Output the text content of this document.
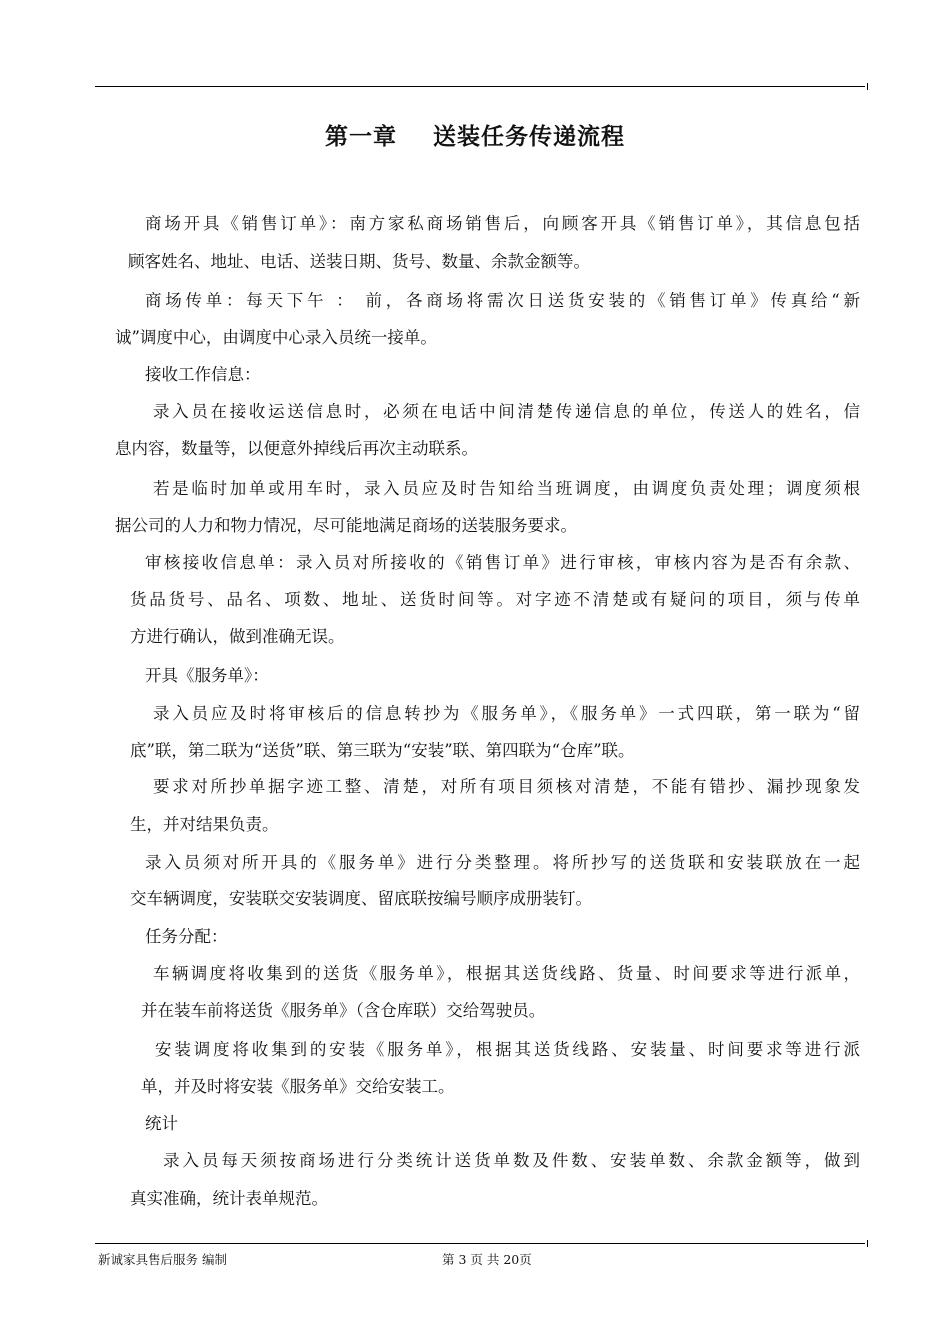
第一章    送装任务传递流程
商场开具《销售订单》：南方家私商场销售后，向顾客开具《销售订单》，其信息包括
顾客姓名、地址、电话、送装日期、货号、数量、余款金额等。
商场传单：每天下午 ： 前，各商场将需次日送货安装的《销售订单》传真给“新
诚”调度中心，由调度中心录入员统一接单。
接收工作信息：
录入员在接收运送信息时，必须在电话中间清楚传递信息的单位，传送人的姓名，信
息内容，数量等，以便意外掉线后再次主动联系。
若是临时加单或用车时，录入员应及时告知给当班调度，由调度负责处理；调度须根
据公司的人力和物力情况，尽可能地满足商场的送装服务要求。
审核接收信息单：录入员对所接收的《销售订单》进行审核，审核内容为是否有余款、
货品货号、品名、项数、地址、送货时间等。对字迹不清楚或有疑问的项目，须与传单
方进行确认，做到准确无误。
开具《服务单》：
录入员应及时将审核后的信息转抄为《服务单》，《服务单》一式四联，第一联为“留
底”联，第二联为“送货”联、第三联为“安装”联、第四联为“仓库”联。
要求对所抄单据字迹工整、清楚，对所有项目须核对清楚，不能有错抄、漏抄现象发
生，并对结果负责。
录入员须对所开具的《服务单》进行分类整理。将所抄写的送货联和安装联放在一起
交车辆调度，安装联交安装调度、留底联按编号顺序成册装钉。
任务分配：
车辆调度将收集到的送货《服务单》，根据其送货线路、货量、时间要求等进行派单，
并在装车前将送货《服务单》（含仓库联）交给驾驶员。
安装调度将收集到的安装《服务单》，根据其送货线路、安装量、时间要求等进行派
单，并及时将安装《服务单》交给安装工。
统计
录入员每天须按商场进行分类统计送货单数及件数、安装单数、余款金额等，做到
真实准确，统计表单规范。
新诚家具售后服务 编制	第 3 页 共 20页
